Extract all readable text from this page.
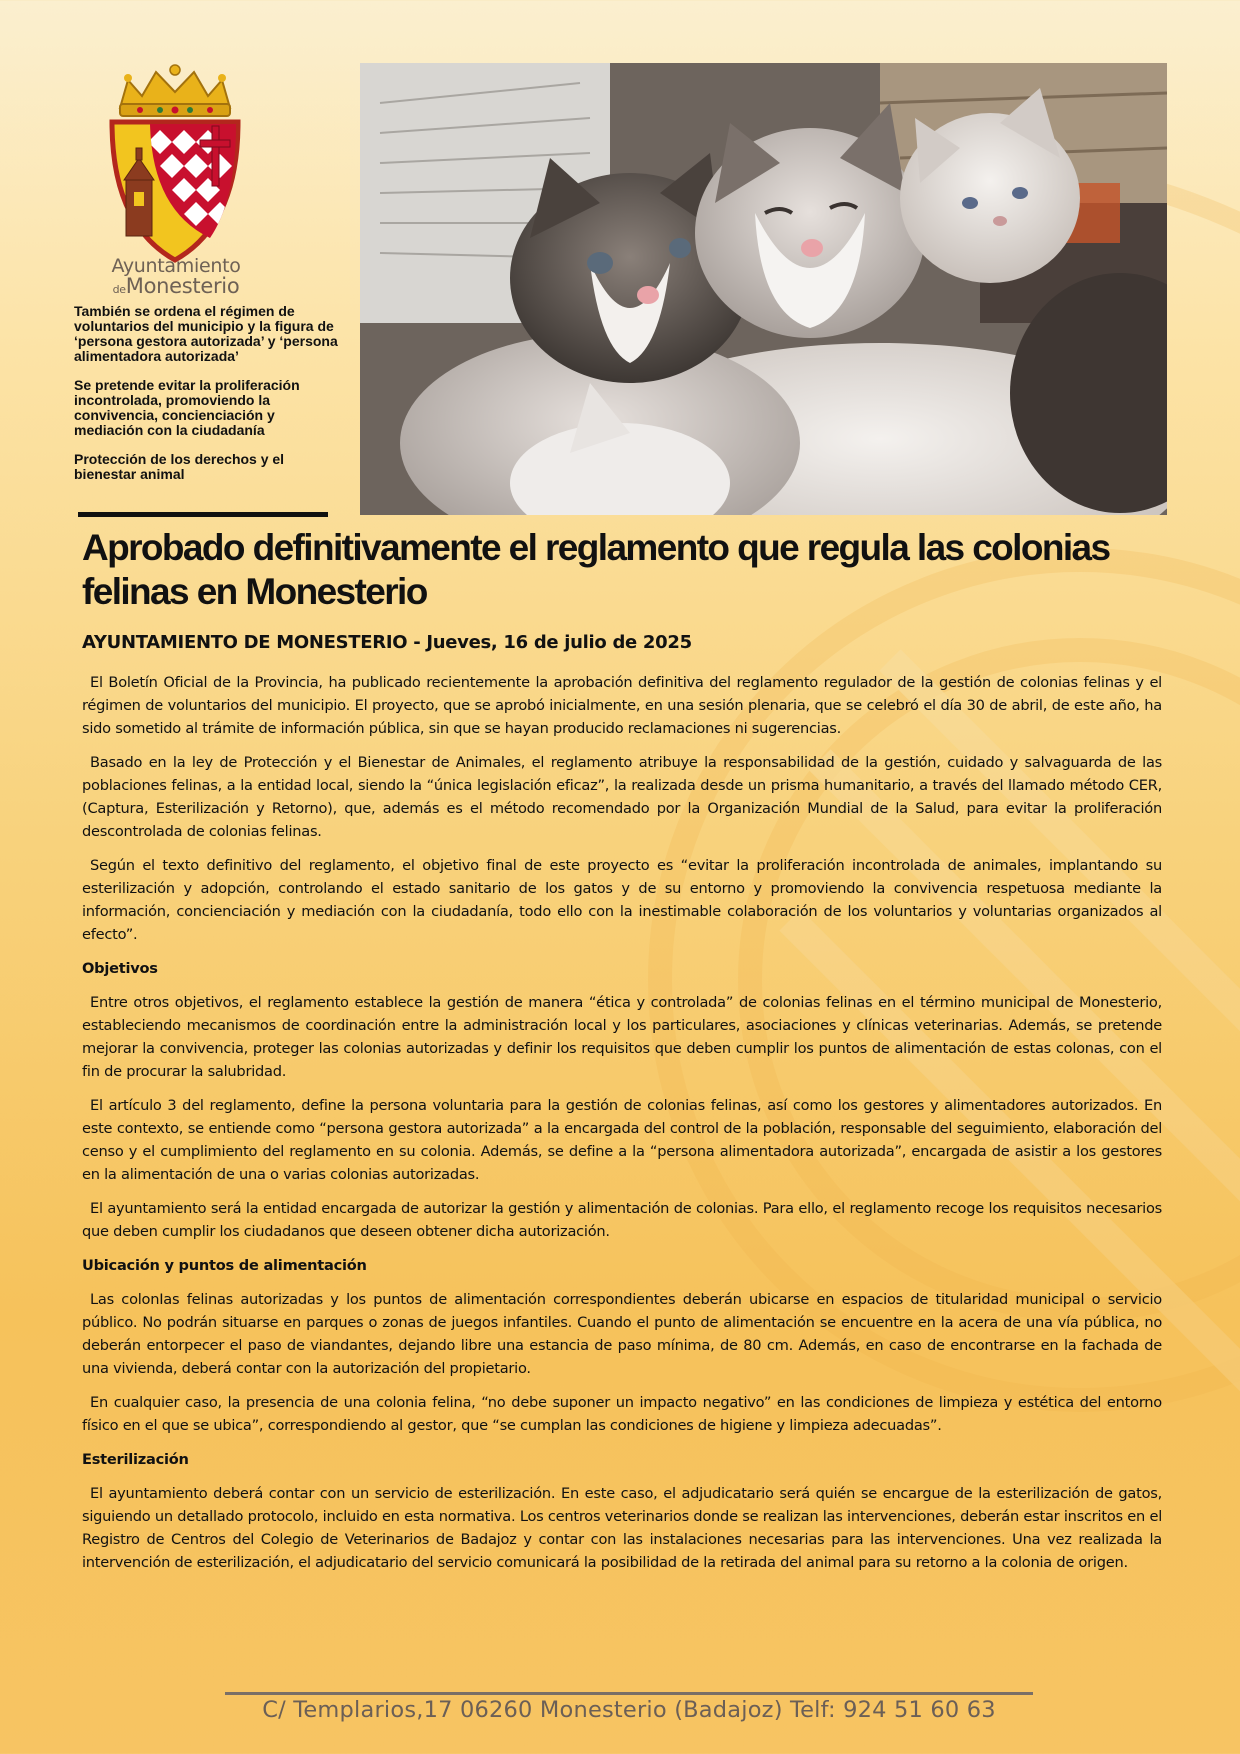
Ayuntamiento
deMonesterio

También se ordena el régimen de voluntarios del municipio y la figura de ‘persona gestora autorizada’ y ‘persona alimentadora autorizada’

Se pretende evitar la proliferación incontrolada, promoviendo la convivencia, concienciación y mediación con la ciudadanía

Protección de los derechos y el bienestar animal

Aprobado definitivamente el reglamento que regula las colonias felinas en Monesterio
AYUNTAMIENTO DE MONESTERIO - Jueves, 16 de julio de 2025

El Boletín Oficial de la Provincia, ha publicado recientemente la aprobación definitiva del reglamento regulador de la gestión de colonias felinas y el régimen de voluntarios del municipio. El proyecto, que se aprobó inicialmente, en una sesión plenaria, que se celebró el día 30 de abril, de este año, ha sido sometido al trámite de información pública, sin que se hayan producido reclamaciones ni sugerencias.

Basado en la ley de Protección y el Bienestar de Animales, el reglamento atribuye la responsabilidad de la gestión, cuidado y salvaguarda de las poblaciones felinas, a la entidad local, siendo la “única legislación eficaz”, la realizada desde un prisma humanitario, a través del llamado método CER, (Captura, Esterilización y Retorno), que, además es el método recomendado por la Organización Mundial de la Salud, para evitar la proliferación descontrolada de colonias felinas.

Según el texto definitivo del reglamento, el objetivo final de este proyecto es “evitar la proliferación incontrolada de animales, implantando su esterilización y adopción, controlando el estado sanitario de los gatos y de su entorno y promoviendo la convivencia respetuosa mediante la información, concienciación y mediación con la ciudadanía, todo ello con la inestimable colaboración de los voluntarios y voluntarias organizados al efecto”.

Objetivos

Entre otros objetivos, el reglamento establece la gestión de manera “ética y controlada” de colonias felinas en el término municipal de Monesterio, estableciendo mecanismos de coordinación entre la administración local y los particulares, asociaciones y clínicas veterinarias. Además, se pretende mejorar la convivencia, proteger las colonias autorizadas y definir los requisitos que deben cumplir los puntos de alimentación de estas colonas, con el fin de procurar la salubridad.

El artículo 3 del reglamento, define la persona voluntaria para la gestión de colonias felinas, así como los gestores y alimentadores autorizados. En este contexto, se entiende como “persona gestora autorizada” a la encargada del control de la población, responsable del seguimiento, elaboración del censo y el cumplimiento del reglamento en su colonia. Además, se define a la “persona alimentadora autorizada”, encargada de asistir a los gestores en la alimentación de una o varias colonias autorizadas.

El ayuntamiento será la entidad encargada de autorizar la gestión y alimentación de colonias. Para ello, el reglamento recoge los requisitos necesarios que deben cumplir los ciudadanos que deseen obtener dicha autorización.

Ubicación y puntos de alimentación

Las colonIas felinas autorizadas y los puntos de alimentación correspondientes deberán ubicarse en espacios de titularidad municipal o servicio público. No podrán situarse en parques o zonas de juegos infantiles. Cuando el punto de alimentación se encuentre en la acera de una vía pública, no deberán entorpecer el paso de viandantes, dejando libre una estancia de paso mínima, de 80 cm. Además, en caso de encontrarse en la fachada de una vivienda, deberá contar con la autorización del propietario.

En cualquier caso, la presencia de una colonia felina, “no debe suponer un impacto negativo” en las condiciones de limpieza y estética del entorno físico en el que se ubica”, correspondiendo al gestor, que “se cumplan las condiciones de higiene y limpieza adecuadas”.

Esterilización

El ayuntamiento deberá contar con un servicio de esterilización. En este caso, el adjudicatario será quién se encargue de la esterilización de gatos, siguiendo un detallado protocolo, incluido en esta normativa. Los centros veterinarios donde se realizan las intervenciones, deberán estar inscritos en el Registro de Centros del Colegio de Veterinarios de Badajoz y contar con las instalaciones necesarias para las intervenciones. Una vez realizada la intervención de esterilización, el adjudicatario del servicio comunicará la posibilidad de la retirada del animal para su retorno a la colonia de origen.

C/ Templarios,17 06260 Monesterio (Badajoz) Telf: 924 51 60 63
